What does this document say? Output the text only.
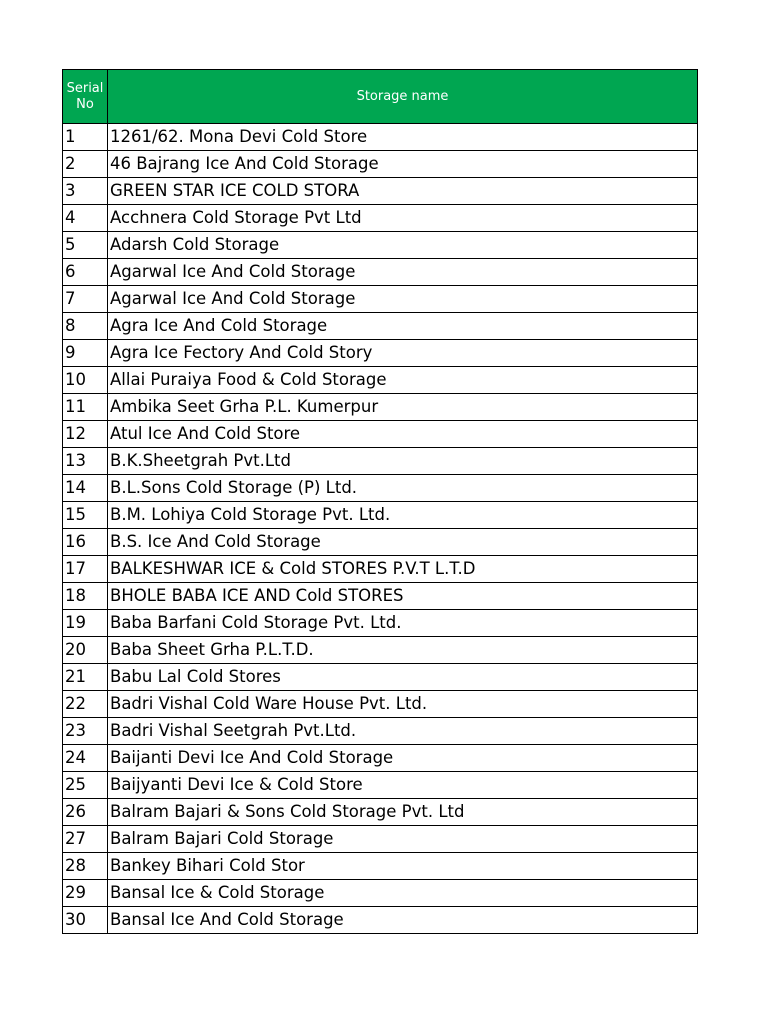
Serial No	Storage name
1	1261/62. Mona Devi Cold Store
2	46 Bajrang Ice And Cold Storage
3	GREEN STAR ICE COLD STORA
4	Acchnera Cold Storage Pvt Ltd
5	Adarsh Cold Storage
6	Agarwal Ice And Cold Storage
7	Agarwal Ice And Cold Storage
8	Agra Ice And Cold Storage
9	Agra Ice Fectory And Cold Story
10	Allai Puraiya Food & Cold Storage
11	Ambika Seet Grha P.L. Kumerpur
12	Atul Ice And Cold Store
13	B.K.Sheetgrah Pvt.Ltd
14	B.L.Sons Cold Storage (P) Ltd.
15	B.M. Lohiya Cold Storage Pvt. Ltd.
16	B.S. Ice And Cold Storage
17	BALKESHWAR ICE & Cold STORES P.V.T L.T.D
18	BHOLE BABA ICE AND Cold STORES
19	Baba Barfani Cold Storage Pvt. Ltd.
20	Baba Sheet Grha P.L.T.D.
21	Babu Lal Cold Stores
22	Badri Vishal Cold Ware House Pvt. Ltd.
23	Badri Vishal Seetgrah Pvt.Ltd.
24	Baijanti Devi Ice And Cold Storage
25	Baijyanti Devi Ice & Cold Store
26	Balram Bajari & Sons Cold Storage Pvt. Ltd
27	Balram Bajari Cold Storage
28	Bankey Bihari Cold Stor
29	Bansal Ice & Cold Storage
30	Bansal Ice And Cold Storage
